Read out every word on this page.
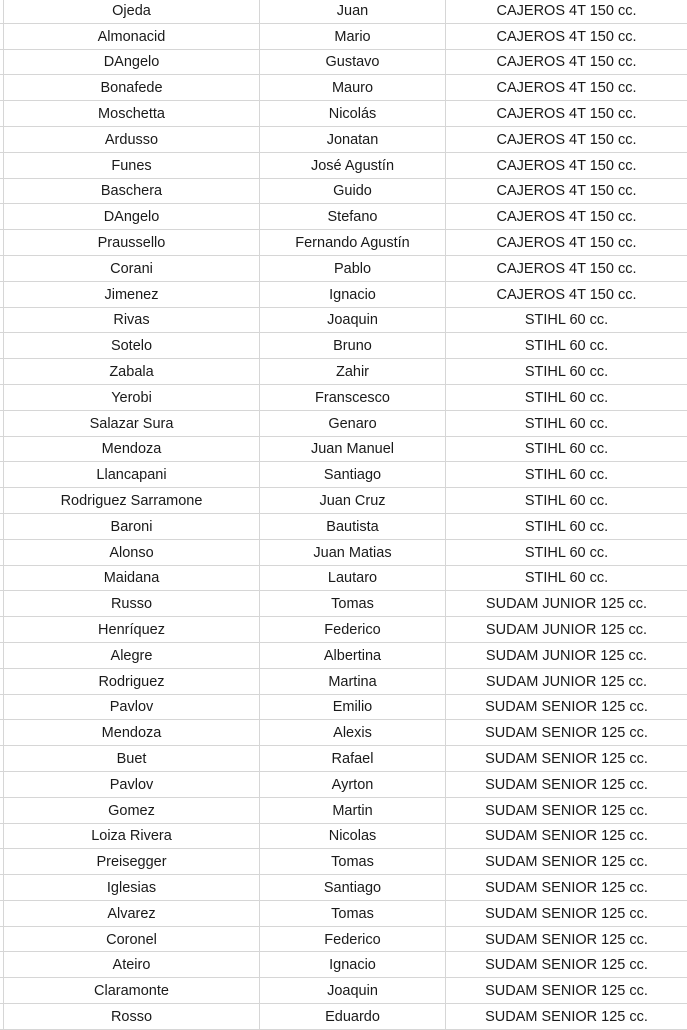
Ojeda	Juan	CAJEROS 4T 150 cc.
Almonacid	Mario	CAJEROS 4T 150 cc.
DAngelo	Gustavo	CAJEROS 4T 150 cc.
Bonafede	Mauro	CAJEROS 4T 150 cc.
Moschetta	Nicolás	CAJEROS 4T 150 cc.
Ardusso	Jonatan	CAJEROS 4T 150 cc.
Funes	José Agustín	CAJEROS 4T 150 cc.
Baschera	Guido	CAJEROS 4T 150 cc.
DAngelo	Stefano	CAJEROS 4T 150 cc.
Praussello	Fernando Agustín	CAJEROS 4T 150 cc.
Corani	Pablo	CAJEROS 4T 150 cc.
Jimenez	Ignacio	CAJEROS 4T 150 cc.
Rivas	Joaquin	STIHL 60 cc.
Sotelo	Bruno	STIHL 60 cc.
Zabala	Zahir	STIHL 60 cc.
Yerobi	Franscesco	STIHL 60 cc.
Salazar Sura	Genaro	STIHL 60 cc.
Mendoza	Juan Manuel	STIHL 60 cc.
Llancapani	Santiago	STIHL 60 cc.
Rodriguez Sarramone	Juan Cruz	STIHL 60 cc.
Baroni	Bautista	STIHL 60 cc.
Alonso	Juan Matias	STIHL 60 cc.
Maidana	Lautaro	STIHL 60 cc.
Russo	Tomas	SUDAM JUNIOR 125 cc.
Henríquez	Federico	SUDAM JUNIOR 125 cc.
Alegre	Albertina	SUDAM JUNIOR 125 cc.
Rodriguez	Martina	SUDAM JUNIOR 125 cc.
Pavlov	Emilio	SUDAM SENIOR 125 cc.
Mendoza	Alexis	SUDAM SENIOR 125 cc.
Buet	Rafael	SUDAM SENIOR 125 cc.
Pavlov	Ayrton	SUDAM SENIOR 125 cc.
Gomez	Martin	SUDAM SENIOR 125 cc.
Loiza Rivera	Nicolas	SUDAM SENIOR 125 cc.
Preisegger	Tomas	SUDAM SENIOR 125 cc.
Iglesias	Santiago	SUDAM SENIOR 125 cc.
Alvarez	Tomas	SUDAM SENIOR 125 cc.
Coronel	Federico	SUDAM SENIOR 125 cc.
Ateiro	Ignacio	SUDAM SENIOR 125 cc.
Claramonte	Joaquin	SUDAM SENIOR 125 cc.
Rosso	Eduardo	SUDAM SENIOR 125 cc.
